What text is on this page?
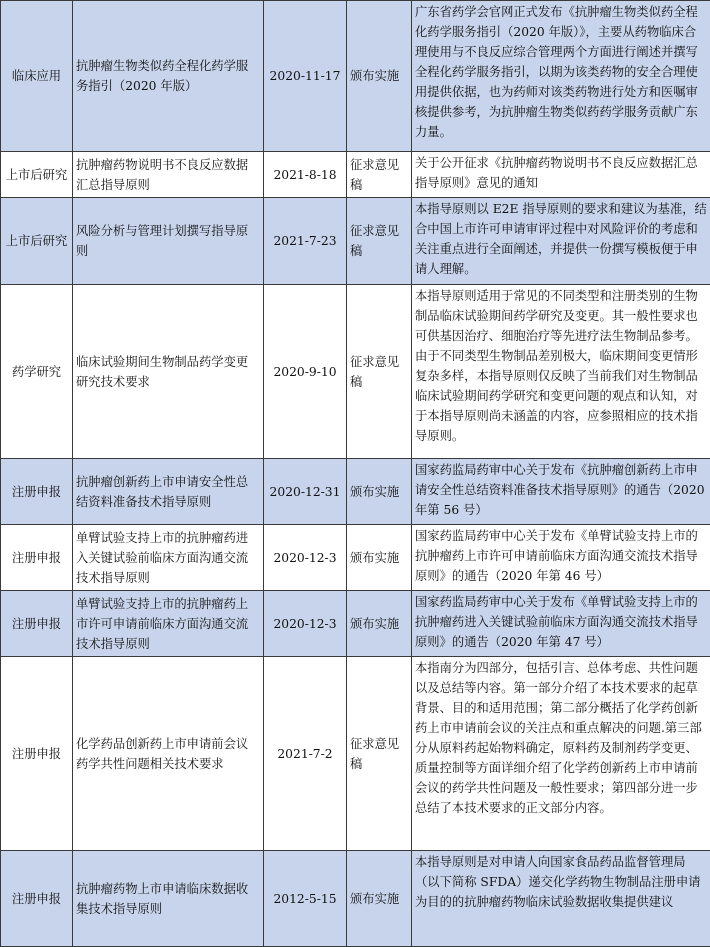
临床应用	抗肿瘤生物类似药全程化药学服务指引（2020 年版）	2020-11-17	颁布实施	广东省药学会官网正式发布《抗肿瘤生物类似药全程化药学服务指引（2020 年版）》，主要从药物临床合理使用与不良反应综合管理两个方面进行阐述并撰写全程化药学服务指引，以期为该类药物的安全合理使用提供依据，也为药师对该类药物进行处方和医嘱审核提供参考，为抗肿瘤生物类似药药学服务贡献广东力量。
上市后研究	抗肿瘤药物说明书不良反应数据汇总指导原则	2021-8-18	征求意见稿	关于公开征求《抗肿瘤药物说明书不良反应数据汇总指导原则》意见的通知
上市后研究	风险分析与管理计划撰写指导原则	2021-7-23	征求意见稿	本指导原则以 E2E 指导原则的要求和建议为基准，结合中国上市许可申请审评过程中对风险评价的考虑和关注重点进行全面阐述，并提供一份撰写模板便于申请人理解。
药学研究	临床试验期间生物制品药学变更研究技术要求	2020-9-10	征求意见稿	本指导原则适用于常见的不同类型和注册类别的生物制品临床试验期间药学研究及变更。其一般性要求也可供基因治疗、细胞治疗等先进疗法生物制品参考。由于不同类型生物制品差别极大，临床期间变更情形复杂多样，本指导原则仅反映了当前我们对生物制品临床试验期间药学研究和变更问题的观点和认知，对于本指导原则尚未涵盖的内容，应参照相应的技术指导原则。
注册申报	抗肿瘤创新药上市申请安全性总结资料准备技术指导原则	2020-12-31	颁布实施	国家药监局药审中心关于发布《抗肿瘤创新药上市申请安全性总结资料准备技术指导原则》的通告（2020 年第 56 号）
注册申报	单臂试验支持上市的抗肿瘤药进入关键试验前临床方面沟通交流技术指导原则	2020-12-3	颁布实施	国家药监局药审中心关于发布《单臂试验支持上市的抗肿瘤药上市许可申请前临床方面沟通交流技术指导原则》的通告（2020 年第 46 号）
注册申报	单臂试验支持上市的抗肿瘤药上市许可申请前临床方面沟通交流技术指导原则	2020-12-3	颁布实施	国家药监局药审中心关于发布《单臂试验支持上市的抗肿瘤药进入关键试验前临床方面沟通交流技术指导原则》的通告（2020 年第 47 号）
注册申报	化学药品创新药上市申请前会议药学共性问题相关技术要求	2021-7-2	征求意见稿	本指南分为四部分，包括引言、总体考虑、共性问题以及总结等内容。第一部分介绍了本技术要求的起草背景、目的和适用范围；第二部分概括了化学药创新药上市申请前会议的关注点和重点解决的问题.第三部分从原料药起始物料确定，原料药及制剂药学变更、质量控制等方面详细介绍了化学药创新药上市申请前会议的药学共性问题及一般性要求；第四部分进一步总结了本技术要求的正文部分内容。
注册申报	抗肿瘤药物上市申请临床数据收集技术指导原则	2012-5-15	颁布实施	本指导原则是对申请人向国家食品药品监督管理局（以下简称 SFDA）递交化学药物生物制品注册申请为目的的抗肿瘤药物临床试验数据收集提供建议
